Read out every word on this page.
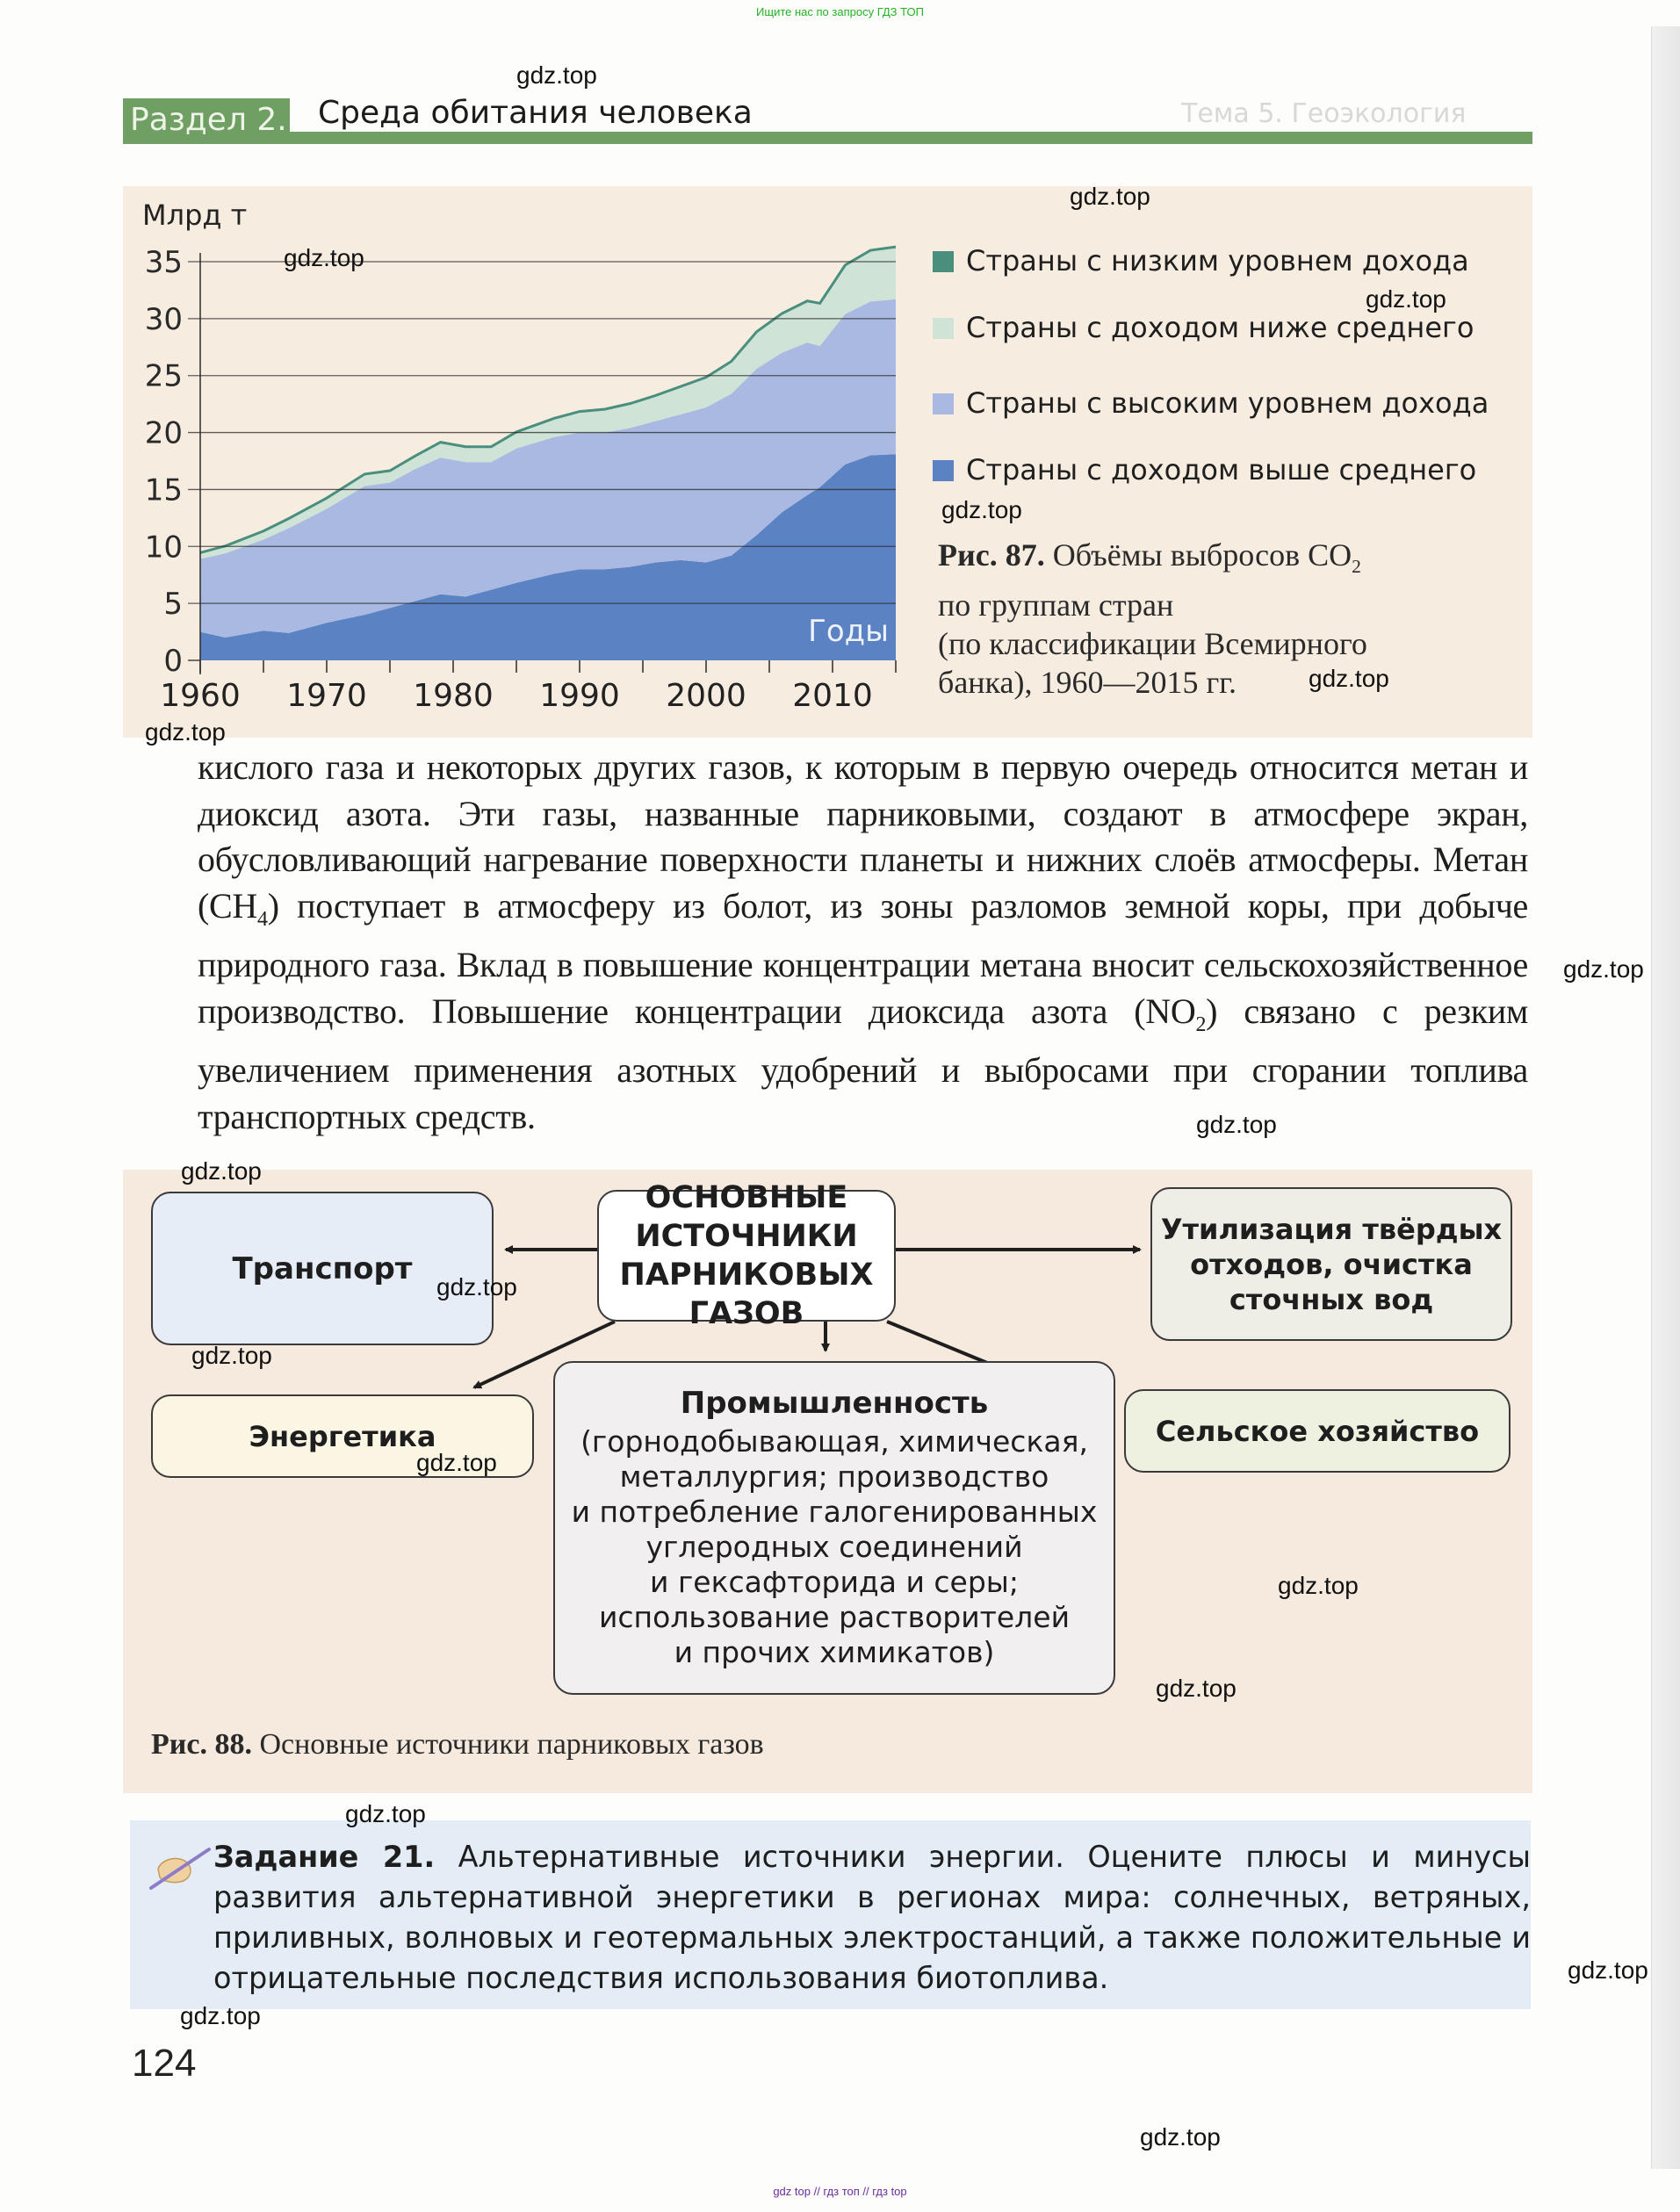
Ищите нас по запросу ГДЗ ТОП
Раздел 2. Среда обитания человека	Тема 5. Геоэкология
0
5
10
15
20
25
30
35
1960 1970 1980 1990 2000 2010
Млрд т
Годы
Страны с низким уровнем дохода
Страны с доходом ниже среднего
Страны с высоким уровнем дохода
Страны с доходом выше среднего
Рис. 87. Объёмы выбросов $CO_2$
по группам стран
(по классификации Всемирного
банка), 1960—2015 гг.
кислого газа и некоторых других газов, к которым в первую очередь относится метан и диоксид азота. Эти газы, названные парниковыми, создают в атмосфере экран, обусловливающий нагревание поверхности планеты и нижних слоёв атмосферы. Метан $(CH_4)$ поступает в атмосферу из болот, из зоны разломов земной коры, при добыче природного газа. Вклад в повышение концентрации метана вносит сельскохозяйственное производство. Повышение концентрации диоксида азота $(NO_2)$ связано с резким увеличением применения азотных удобрений и выбросами при сгорании топлива транспортных средств.
ОСНОВНЫЕ ИСТОЧНИКИ ПАРНИКОВЫХ ГАЗОВ
Транспорт
Утилизация твёрдых отходов, очистка сточных вод
Энергетика	Сельское хозяйство
Промышленность
(горнодобывающая, химическая,
металлургия; производство
и потребление галогенированных
углеродных соединений
и гексафторида и серы;
использование растворителей
и прочих химикатов)
Рис. 88. Основные источники парниковых газов
Задание 21. Альтернативные источники энергии. Оцените плюсы и минусы развития альтернативной энергетики в регионах мира: солнечных, ветряных, приливных, волновых и геотермальных электростанций, а также положительные и отрицательные последствия использования биотоплива.
124
gdz.top
gdz.top
gdz.top
gdz.top
gdz.top
gdz.top
gdz.top
gdz.top
gdz.top
gdz.top
gdz.top
gdz.top
gdz.top
gdz.top
gdz.top
gdz.top
gdz.top
gdz.top
gdz.top
gdz top // гдз топ // гдз top
